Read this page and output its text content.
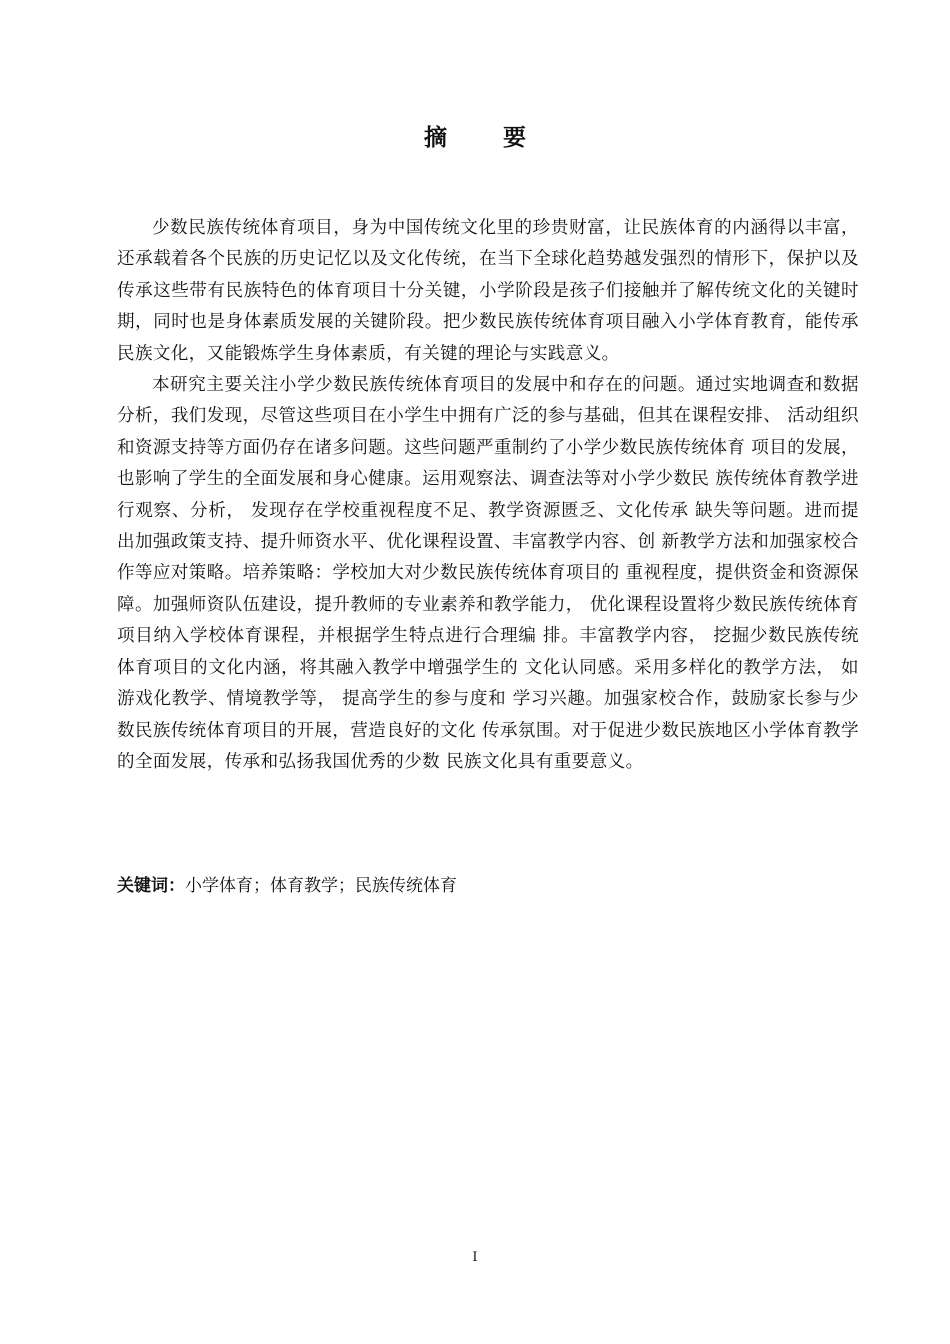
摘 要

少数民族传统体育项目，身为中国传统文化里的珍贵财富，让民族体育的内涵得以丰富，还承载着各个民族的历史记忆以及文化传统，在当下全球化趋势越发强烈的情形下，保护以及传承这些带有民族特色的体育项目十分关键，小学阶段是孩子们接触并了解传统文化的关键时期，同时也是身体素质发展的关键阶段。把少数民族传统体育项目融入小学体育教育，能传承民族文化，又能锻炼学生身体素质，有关键的理论与实践意义。

本研究主要关注小学少数民族传统体育项目的发展中和存在的问题。通过实地调查和数据分析，我们发现，尽管这些项目在小学生中拥有广泛的参与基础，但其在课程安排、 活动组织和资源支持等方面仍存在诸多问题。这些问题严重制约了小学少数民族传统体育 项目的发展，也影响了学生的全面发展和身心健康。运用观察法、调查法等对小学少数民 族传统体育教学进行观察、分析， 发现存在学校重视程度不足、教学资源匮乏、文化传承 缺失等问题。进而提出加强政策支持、提升师资水平、优化课程设置、丰富教学内容、创 新教学方法和加强家校合作等应对策略。培养策略：学校加大对少数民族传统体育项目的 重视程度，提供资金和资源保障。加强师资队伍建设，提升教师的专业素养和教学能力， 优化课程设置将少数民族传统体育项目纳入学校体育课程，并根据学生特点进行合理编 排。丰富教学内容， 挖掘少数民族传统体育项目的文化内涵，将其融入教学中增强学生的 文化认同感。采用多样化的教学方法， 如游戏化教学、情境教学等， 提高学生的参与度和 学习兴趣。加强家校合作，鼓励家长参与少数民族传统体育项目的开展，营造良好的文化 传承氛围。对于促进少数民族地区小学体育教学的全面发展，传承和弘扬我国优秀的少数 民族文化具有重要意义。

关键词：小学体育；体育教学；民族传统体育

I
